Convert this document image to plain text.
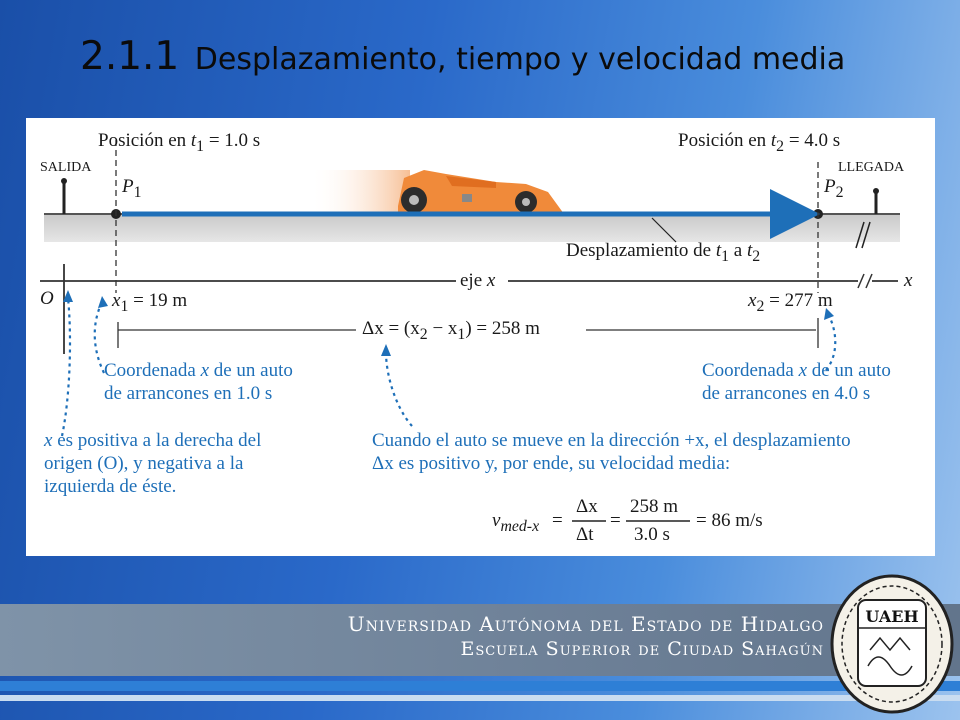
2.1.1 Desplazamiento, tiempo y velocidad media
SALIDA	LLEGADA
Posición en $t_1 = 1.0$ s	Posición en $t_2 = 4.0$ s
$P_1$	$P_2$
Desplazamiento de $t_1$ a $t_2$
eje x	x
O	$x_1 = 19$ m	$x_2 = 277$ m
$\Delta x = (x_2 - x_1) = 258$ m
Coordenada x de un auto
de arrancones en 1.0 s
Coordenada x de un auto
de arrancones en 4.0 s
x es positiva a la derecha del
origen (O), y negativa a la
izquierda de éste.
Cuando el auto se mueve en la dirección +x, el desplazamiento
Δx es positivo y, por ende, su velocidad media:
$v_{med-x}$ =
Δx
Δt
=
258 m
3.0 s
= 86 m/s
Universidad Autónoma del Estado de Hidalgo
Escuela Superior de Ciudad Sahagún
UAEH
